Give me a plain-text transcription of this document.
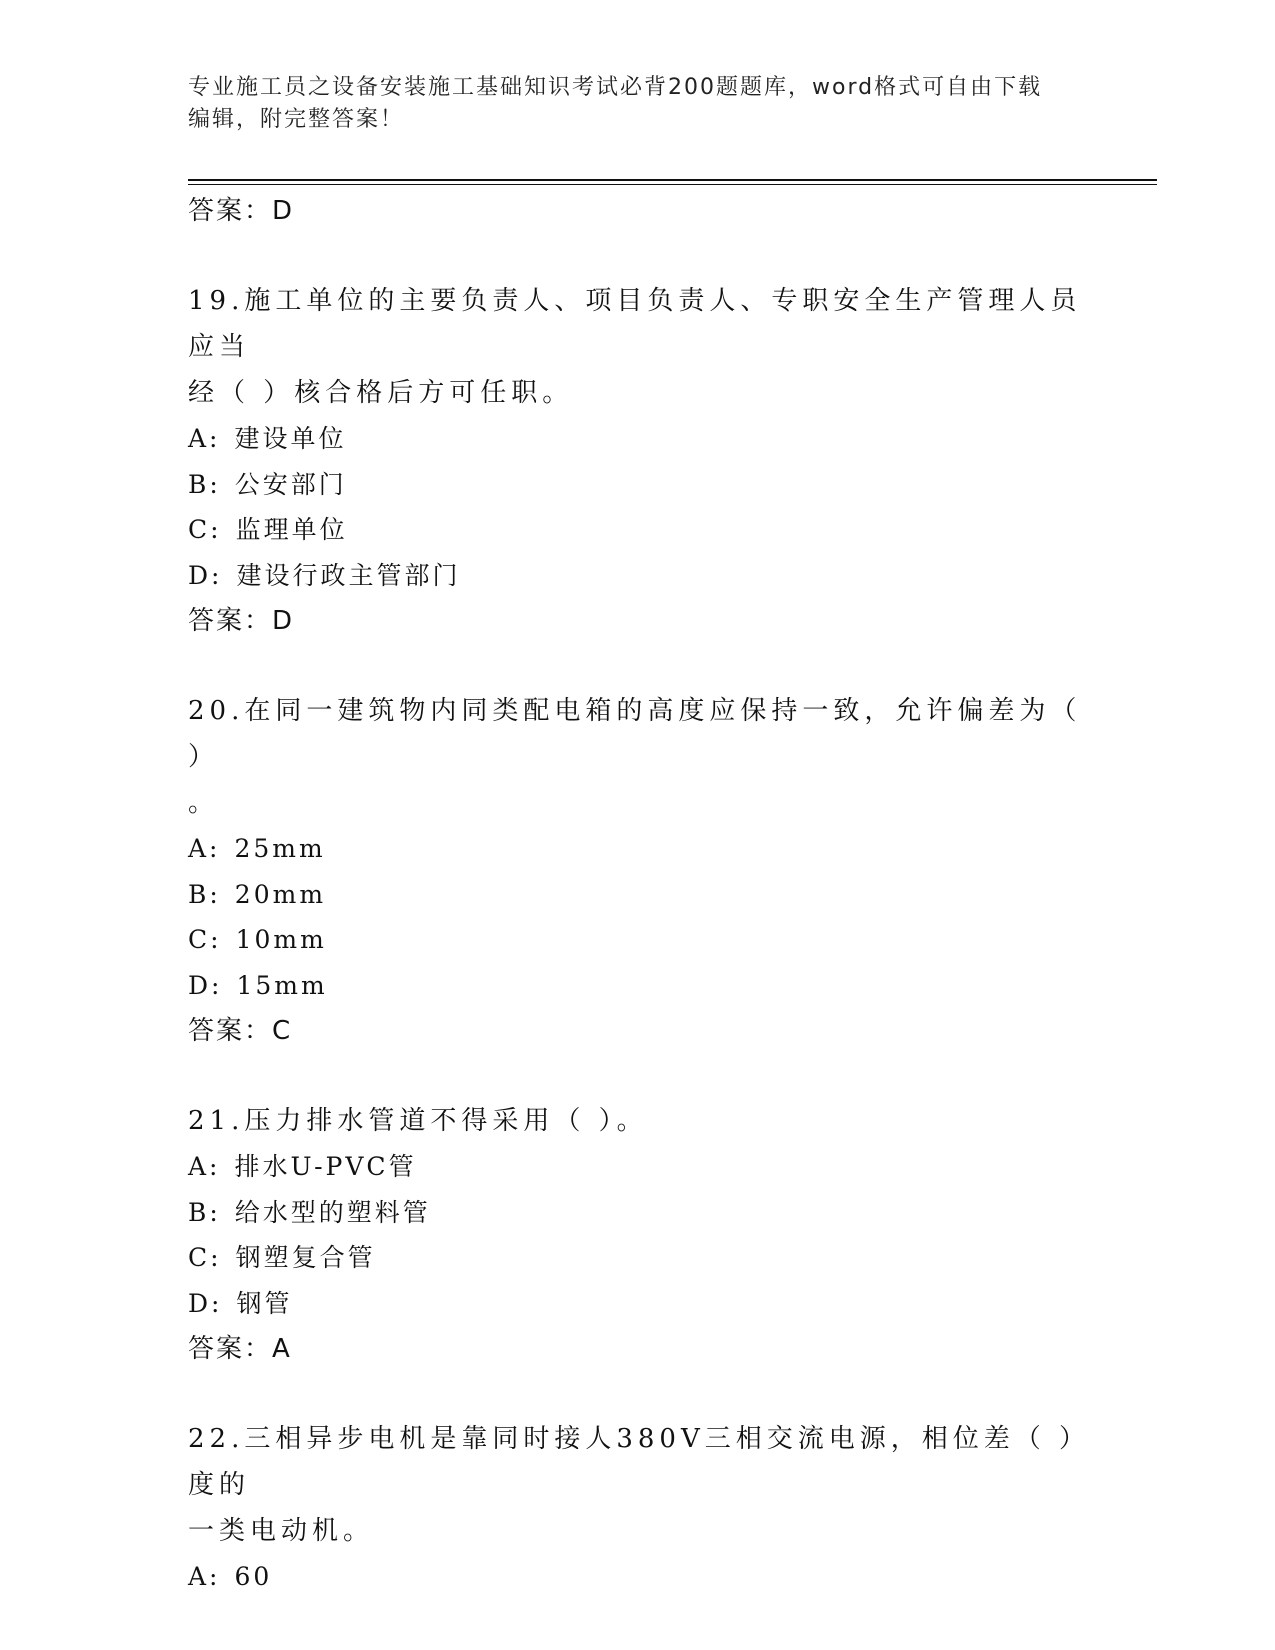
专业施工员之设备安装施工基础知识考试必背200题题库，word格式可自由下载
编辑，附完整答案！
答案：D
19.施工单位的主要负责人、项目负责人、专职安全生产管理人员应当
经（ ）核合格后方可任职。
A: 建设单位
B: 公安部门
C: 监理单位
D: 建设行政主管部门
答案：D
20.在同一建筑物内同类配电箱的高度应保持一致，允许偏差为（ ）
。
A: 25mm
B: 20mm
C: 10mm
D: 15mm
答案：C
21.压力排水管道不得采用（ ）。
A: 排水U-PVC管
B: 给水型的塑料管
C: 钢塑复合管
D: 钢管
答案：A
22.三相异步电机是靠同时接人380V三相交流电源，相位差（ ）度的
一类电动机。
A: 60
